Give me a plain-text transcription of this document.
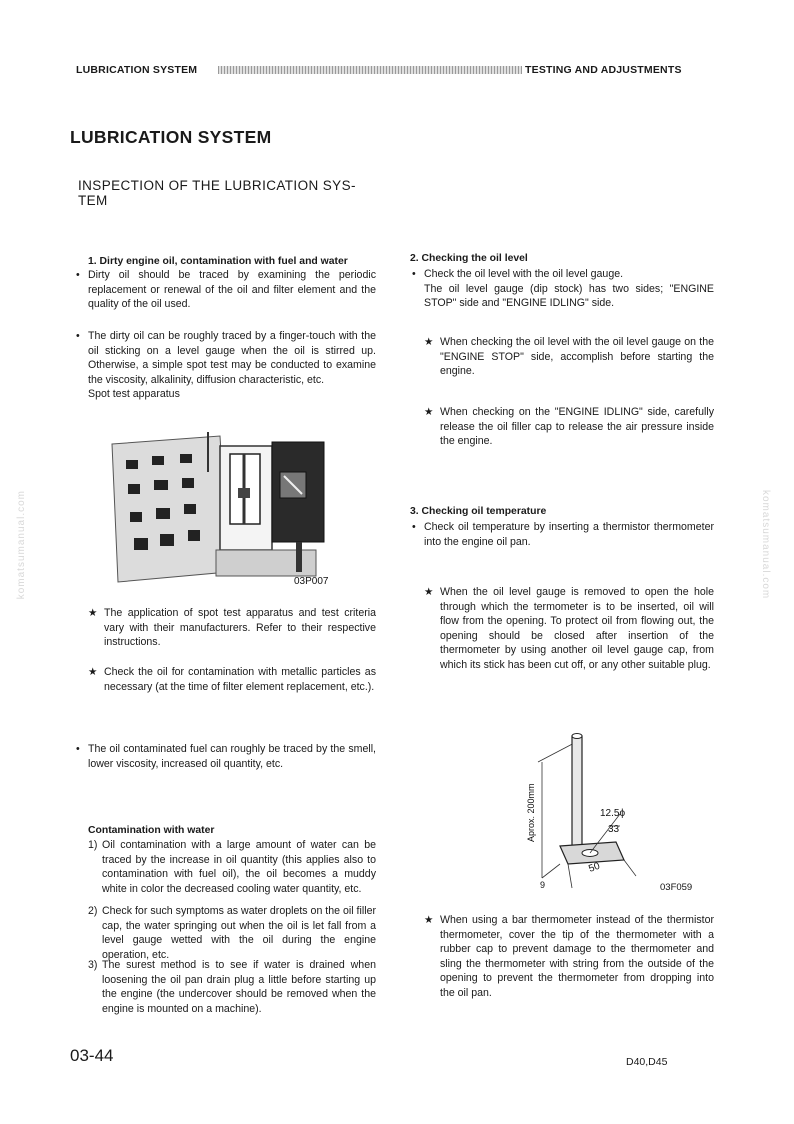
LUBRICATION SYSTEM	TESTING AND ADJUSTMENTS
LUBRICATION SYSTEM
INSPECTION OF THE LUBRICATION SYS-
TEM
komatsumanual.com	komatsumanual.com
1. Dirty engine oil, contamination with fuel and water
• Dirty oil should be traced by examining the periodic replacement or renewal of the oil and filter element and the quality of the oil used.
• The dirty oil can be roughly traced by a finger-touch with the oil sticking on a level gauge when the oil is stirred up. Otherwise, a simple spot test may be conducted to examine the viscosity, alkalinity, diffusion characteristic, etc.
Spot test apparatus
03P007
★ The application of spot test apparatus and test criteria vary with their manufacturers. Refer to their respective instructions.
★ Check the oil for contamination with metallic particles as necessary (at the time of filter element replacement, etc.).
• The oil contaminated fuel can roughly be traced by the smell, lower viscosity, increased oil quantity, etc.
Contamination with water
1) Oil contamination with a large amount of water can be traced by the increase in oil quantity (this applies also to contamination with fuel oil), the oil becomes a muddy white in color the decreased cooling water quantity, etc.
2) Check for such symptoms as water droplets on the oil filler cap, the water springing out when the oil is let fall from a level gauge wetted with the oil during the engine operation, etc.
3) The surest method is to see if water is drained when loosening the oil pan drain plug a little before starting up the engine (the undercover should be removed when the engine is mounted on a machine).
2. Checking the oil level
• Check the oil level with the oil level gauge.
The oil level gauge (dip stock) has two sides; "ENGINE STOP" side and "ENGINE IDLING" side.
★ When checking the oil level with the oil level gauge on the "ENGINE STOP" side, accomplish before starting the engine.
★ When checking on the "ENGINE IDLING" side, carefully release the oil filler cap to release the air pressure inside the engine.
3. Checking oil temperature
• Check oil temperature by inserting a thermistor thermometer into the engine oil pan.
★ When the oil level gauge is removed to open the hole through which the termometer is to be inserted, oil will flow from the opening. To protect oil from flowing out, the opening should be closed after insertion of the thermometer by using another oil level gauge cap, from which its stick has been cut off, or any other suitable plug.
Aprox. 200mm	12.5ϕ
33
50
9	03F059
★ When using a bar thermometer instead of the thermistor thermometer, cover the tip of the thermometer with a rubber cap to prevent damage to the thermometer and sling the thermometer with string from the outside of the opening to prevent the thermometer from dropping into the oil pan.
03-44	D40,D45
